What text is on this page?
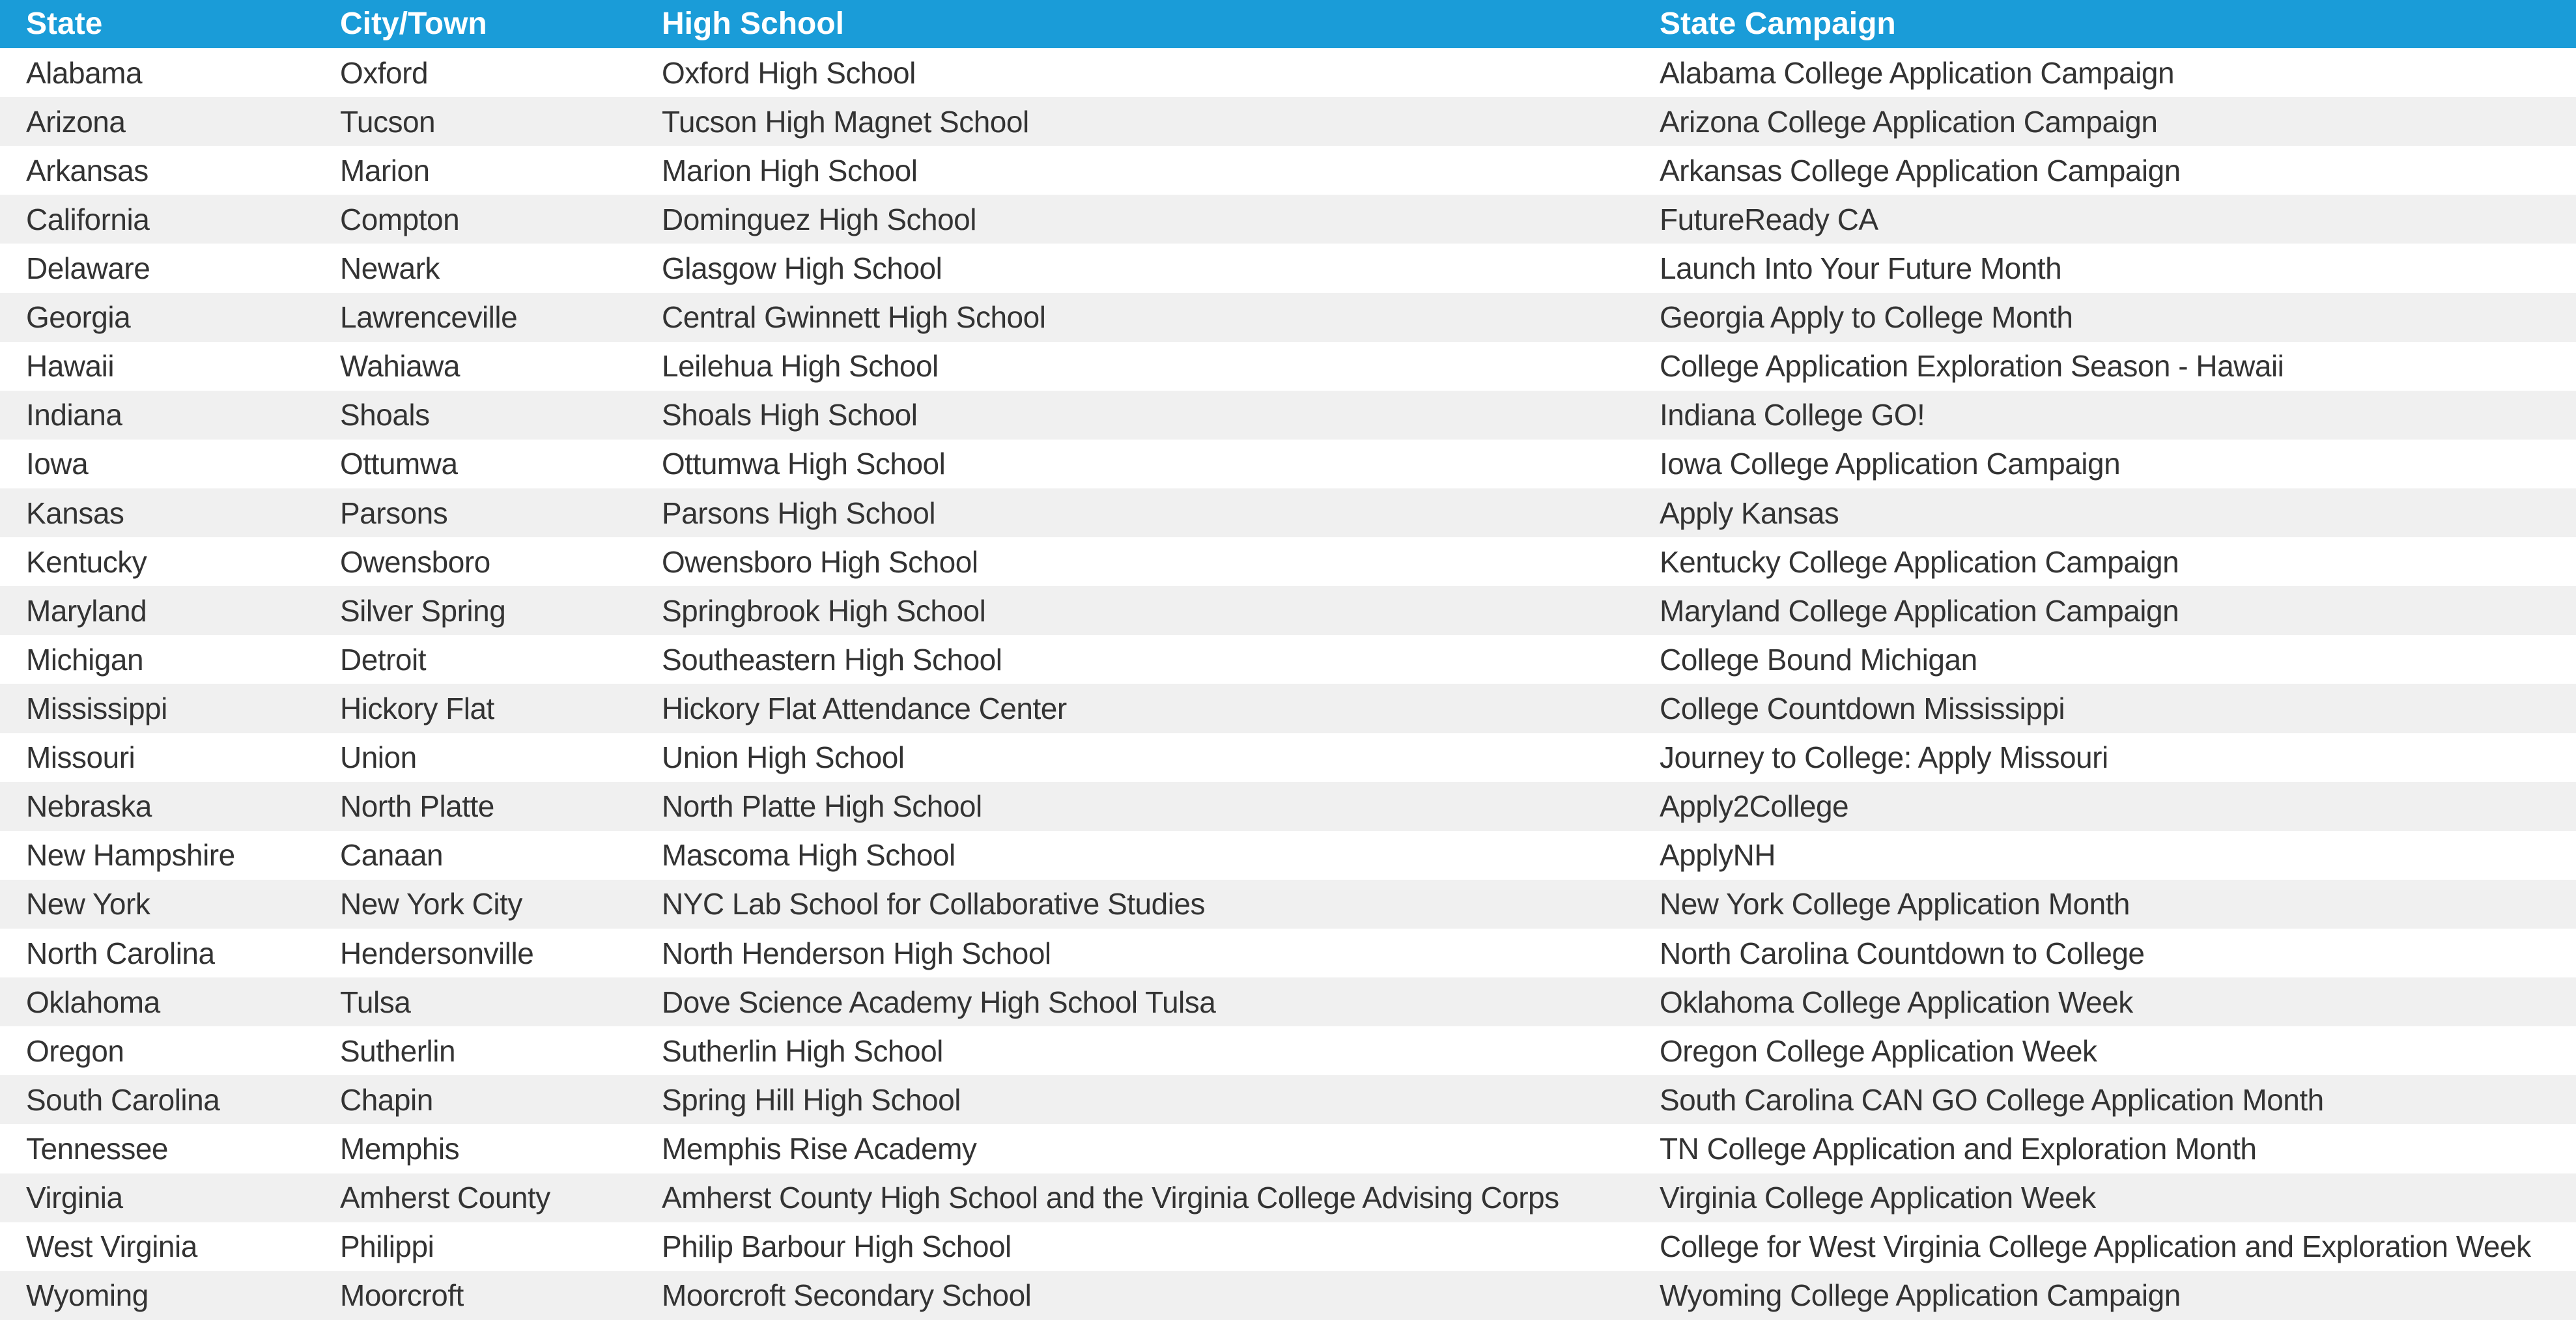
State	City/Town	High School	State Campaign
Alabama	Oxford	Oxford High School	Alabama College Application Campaign
Arizona	Tucson	Tucson High Magnet School	Arizona College Application Campaign
Arkansas	Marion	Marion High School	Arkansas College Application Campaign
California	Compton	Dominguez High School	FutureReady CA
Delaware	Newark	Glasgow High School	Launch Into Your Future Month
Georgia	Lawrenceville	Central Gwinnett High School	Georgia Apply to College Month
Hawaii	Wahiawa	Leilehua High School	College Application Exploration Season - Hawaii
Indiana	Shoals	Shoals High School	Indiana College GO!
Iowa	Ottumwa	Ottumwa High School	Iowa College Application Campaign
Kansas	Parsons	Parsons High School	Apply Kansas
Kentucky	Owensboro	Owensboro High School	Kentucky College Application Campaign
Maryland	Silver Spring	Springbrook High School	Maryland College Application Campaign
Michigan	Detroit	Southeastern High School	College Bound Michigan
Mississippi	Hickory Flat	Hickory Flat Attendance Center	College Countdown Mississippi
Missouri	Union	Union High School	Journey to College: Apply Missouri
Nebraska	North Platte	North Platte High School	Apply2College
New Hampshire	Canaan	Mascoma High School	ApplyNH
New York	New York City	NYC Lab School for Collaborative Studies	New York College Application Month
North Carolina	Hendersonville	North Henderson High School	North Carolina Countdown to College
Oklahoma	Tulsa	Dove Science Academy High School Tulsa	Oklahoma College Application Week
Oregon	Sutherlin	Sutherlin High School	Oregon College Application Week
South Carolina	Chapin	Spring Hill High School	South Carolina CAN GO College Application Month
Tennessee	Memphis	Memphis Rise Academy	TN College Application and Exploration Month
Virginia	Amherst County	Amherst County High School and the Virginia College Advising Corps	Virginia College Application Week
West Virginia	Philippi	Philip Barbour High School	College for West Virginia College Application and Exploration Week
Wyoming	Moorcroft	Moorcroft Secondary School	Wyoming College Application Campaign
